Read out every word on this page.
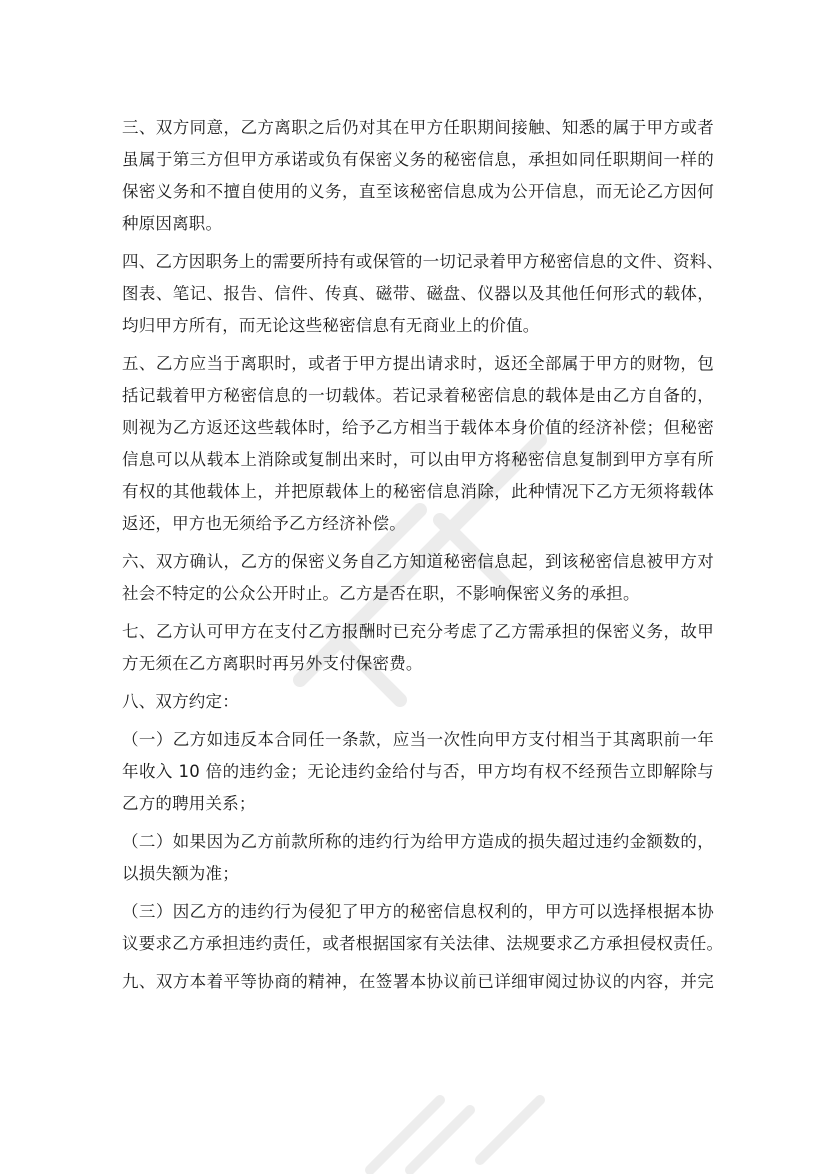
三、双方同意，乙方离职之后仍对其在甲方任职期间接触、知悉的属于甲方或者
虽属于第三方但甲方承诺或负有保密义务的秘密信息，承担如同任职期间一样的
保密义务和不擅自使用的义务，直至该秘密信息成为公开信息，而无论乙方因何
种原因离职。
四、乙方因职务上的需要所持有或保管的一切记录着甲方秘密信息的文件、资料、
图表、笔记、报告、信件、传真、磁带、磁盘、仪器以及其他任何形式的载体，
均归甲方所有，而无论这些秘密信息有无商业上的价值。
五、乙方应当于离职时，或者于甲方提出请求时，返还全部属于甲方的财物，包
括记载着甲方秘密信息的一切载体。若记录着秘密信息的载体是由乙方自备的，
则视为乙方返还这些载体时，给予乙方相当于载体本身价值的经济补偿；但秘密
信息可以从载本上消除或复制出来时，可以由甲方将秘密信息复制到甲方享有所
有权的其他载体上，并把原载体上的秘密信息消除，此种情况下乙方无须将载体
返还，甲方也无须给予乙方经济补偿。
六、双方确认，乙方的保密义务自乙方知道秘密信息起，到该秘密信息被甲方对
社会不特定的公众公开时止。乙方是否在职，不影响保密义务的承担。
七、乙方认可甲方在支付乙方报酬时已充分考虑了乙方需承担的保密义务，故甲
方无须在乙方离职时再另外支付保密费。
八、双方约定：
（一）乙方如违反本合同任一条款，应当一次性向甲方支付相当于其离职前一年
年收入 10 倍的违约金；无论违约金给付与否，甲方均有权不经预告立即解除与
乙方的聘用关系；
（二）如果因为乙方前款所称的违约行为给甲方造成的损失超过违约金额数的，
以损失额为准；
（三）因乙方的违约行为侵犯了甲方的秘密信息权利的，甲方可以选择根据本协
议要求乙方承担违约责任，或者根据国家有关法律、法规要求乙方承担侵权责任。
九、双方本着平等协商的精神，在签署本协议前已详细审阅过协议的内容，并完
